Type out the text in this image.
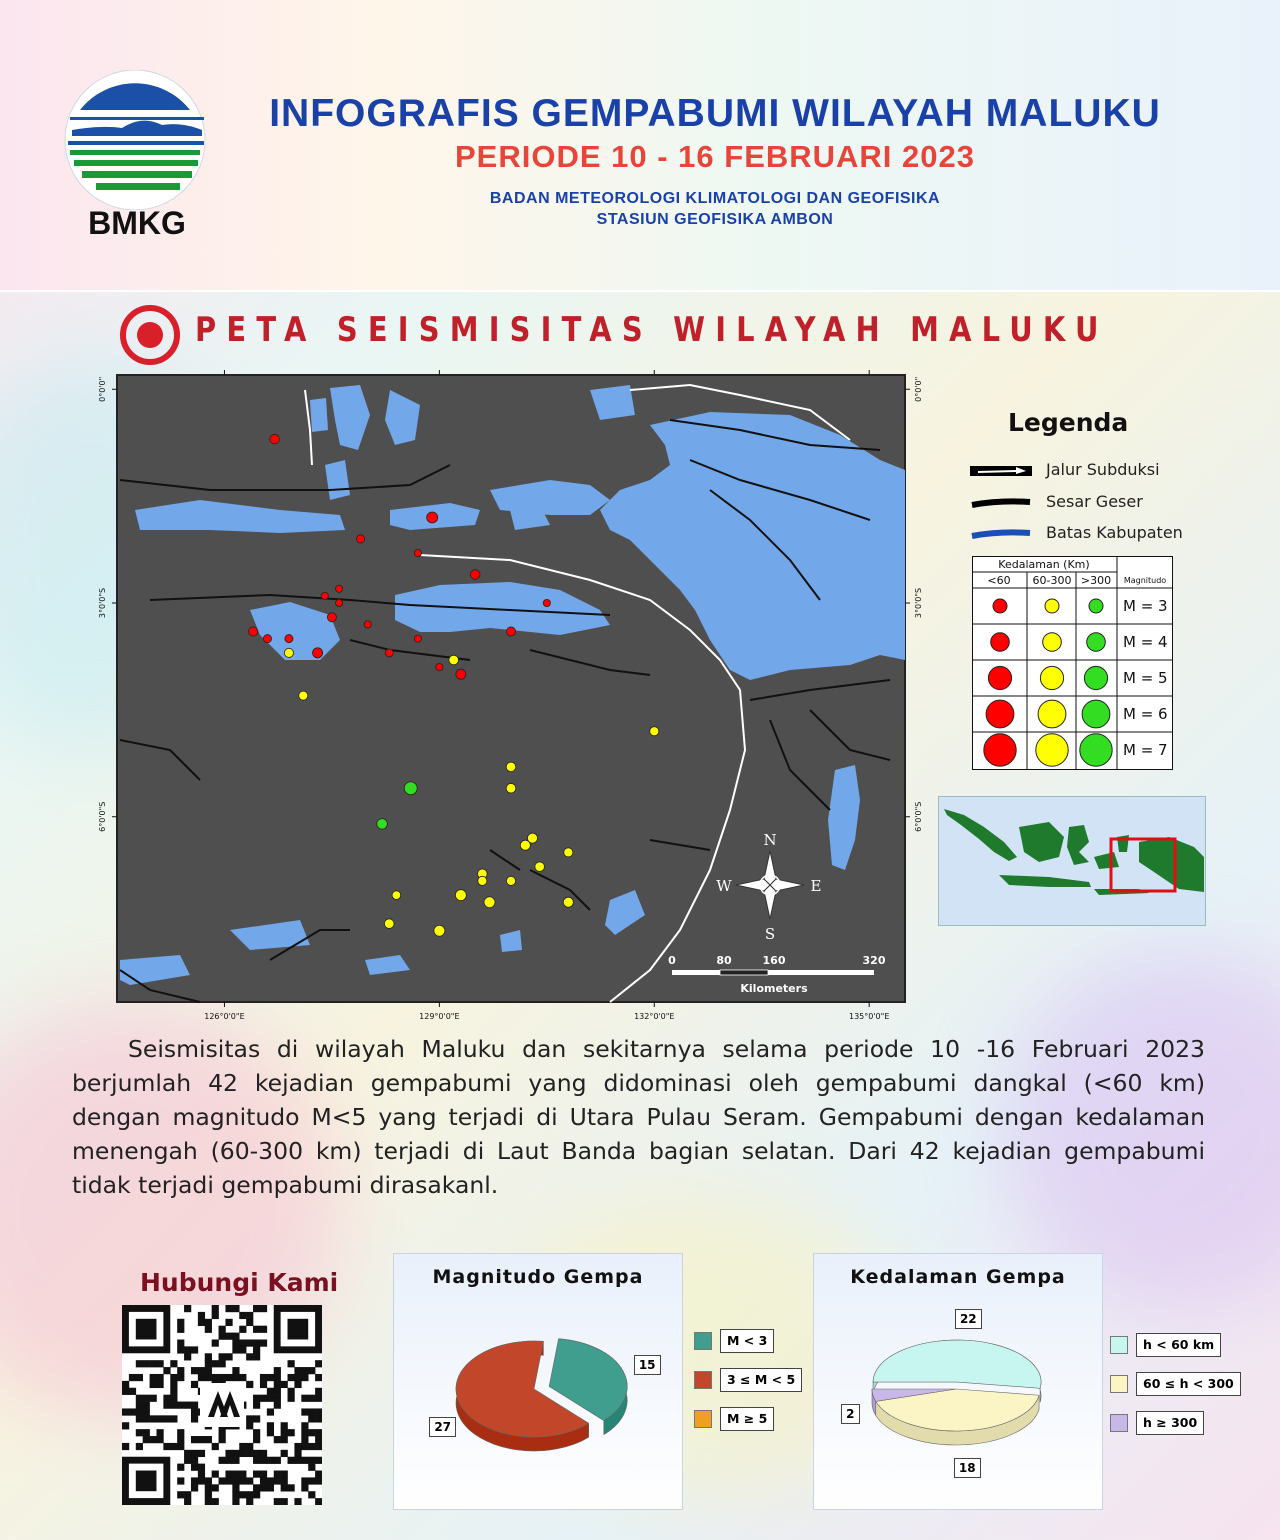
BMKG
INFOGRAFIS GEMPABUMI WILAYAH MALUKU
PERIODE 10 - 16 FEBRUARI 2023
BADAN METEOROLOGI KLIMATOLOGI DAN GEOFISIKA
STASIUN GEOFISIKA AMBON
PETA SEISMISITAS WILAYAH MALUKU
126°0'0"E	129°0'0"E	132°0'0"E	135°0'0"E
0°0'0"	0°0'0"
3°0'0"S	3°0'0"S
6°0'0"S	6°0'0"S
N
S
E
W
0	80	160	320
Kilometers
Legenda
Jalur Subduksi
Sesar Geser
Batas Kabupaten
Kedalaman (Km)
<60 60-300 >300 Magnitudo
M = 3
M = 4
M = 5
M = 6
M = 7
Seismisitas di wilayah Maluku dan sekitarnya selama periode 10 -16 Februari 2023 berjumlah 42 kejadian gempabumi yang didominasi oleh gempabumi dangkal (<60 km) dengan magnitudo M<5 yang terjadi di Utara Pulau Seram. Gempabumi dengan kedalaman menengah (60-300 km) terjadi di Laut Banda bagian selatan. Dari 42 kejadian gempabumi tidak terjadi gempabumi dirasakanl.
Hubungi Kami	Magnitudo Gempa
15
27
M < 3
3 ≤ M < 5
M ≥ 5
Kedalaman Gempa
22
18
2
h < 60 km
60 ≤ h < 300
h ≥ 300
